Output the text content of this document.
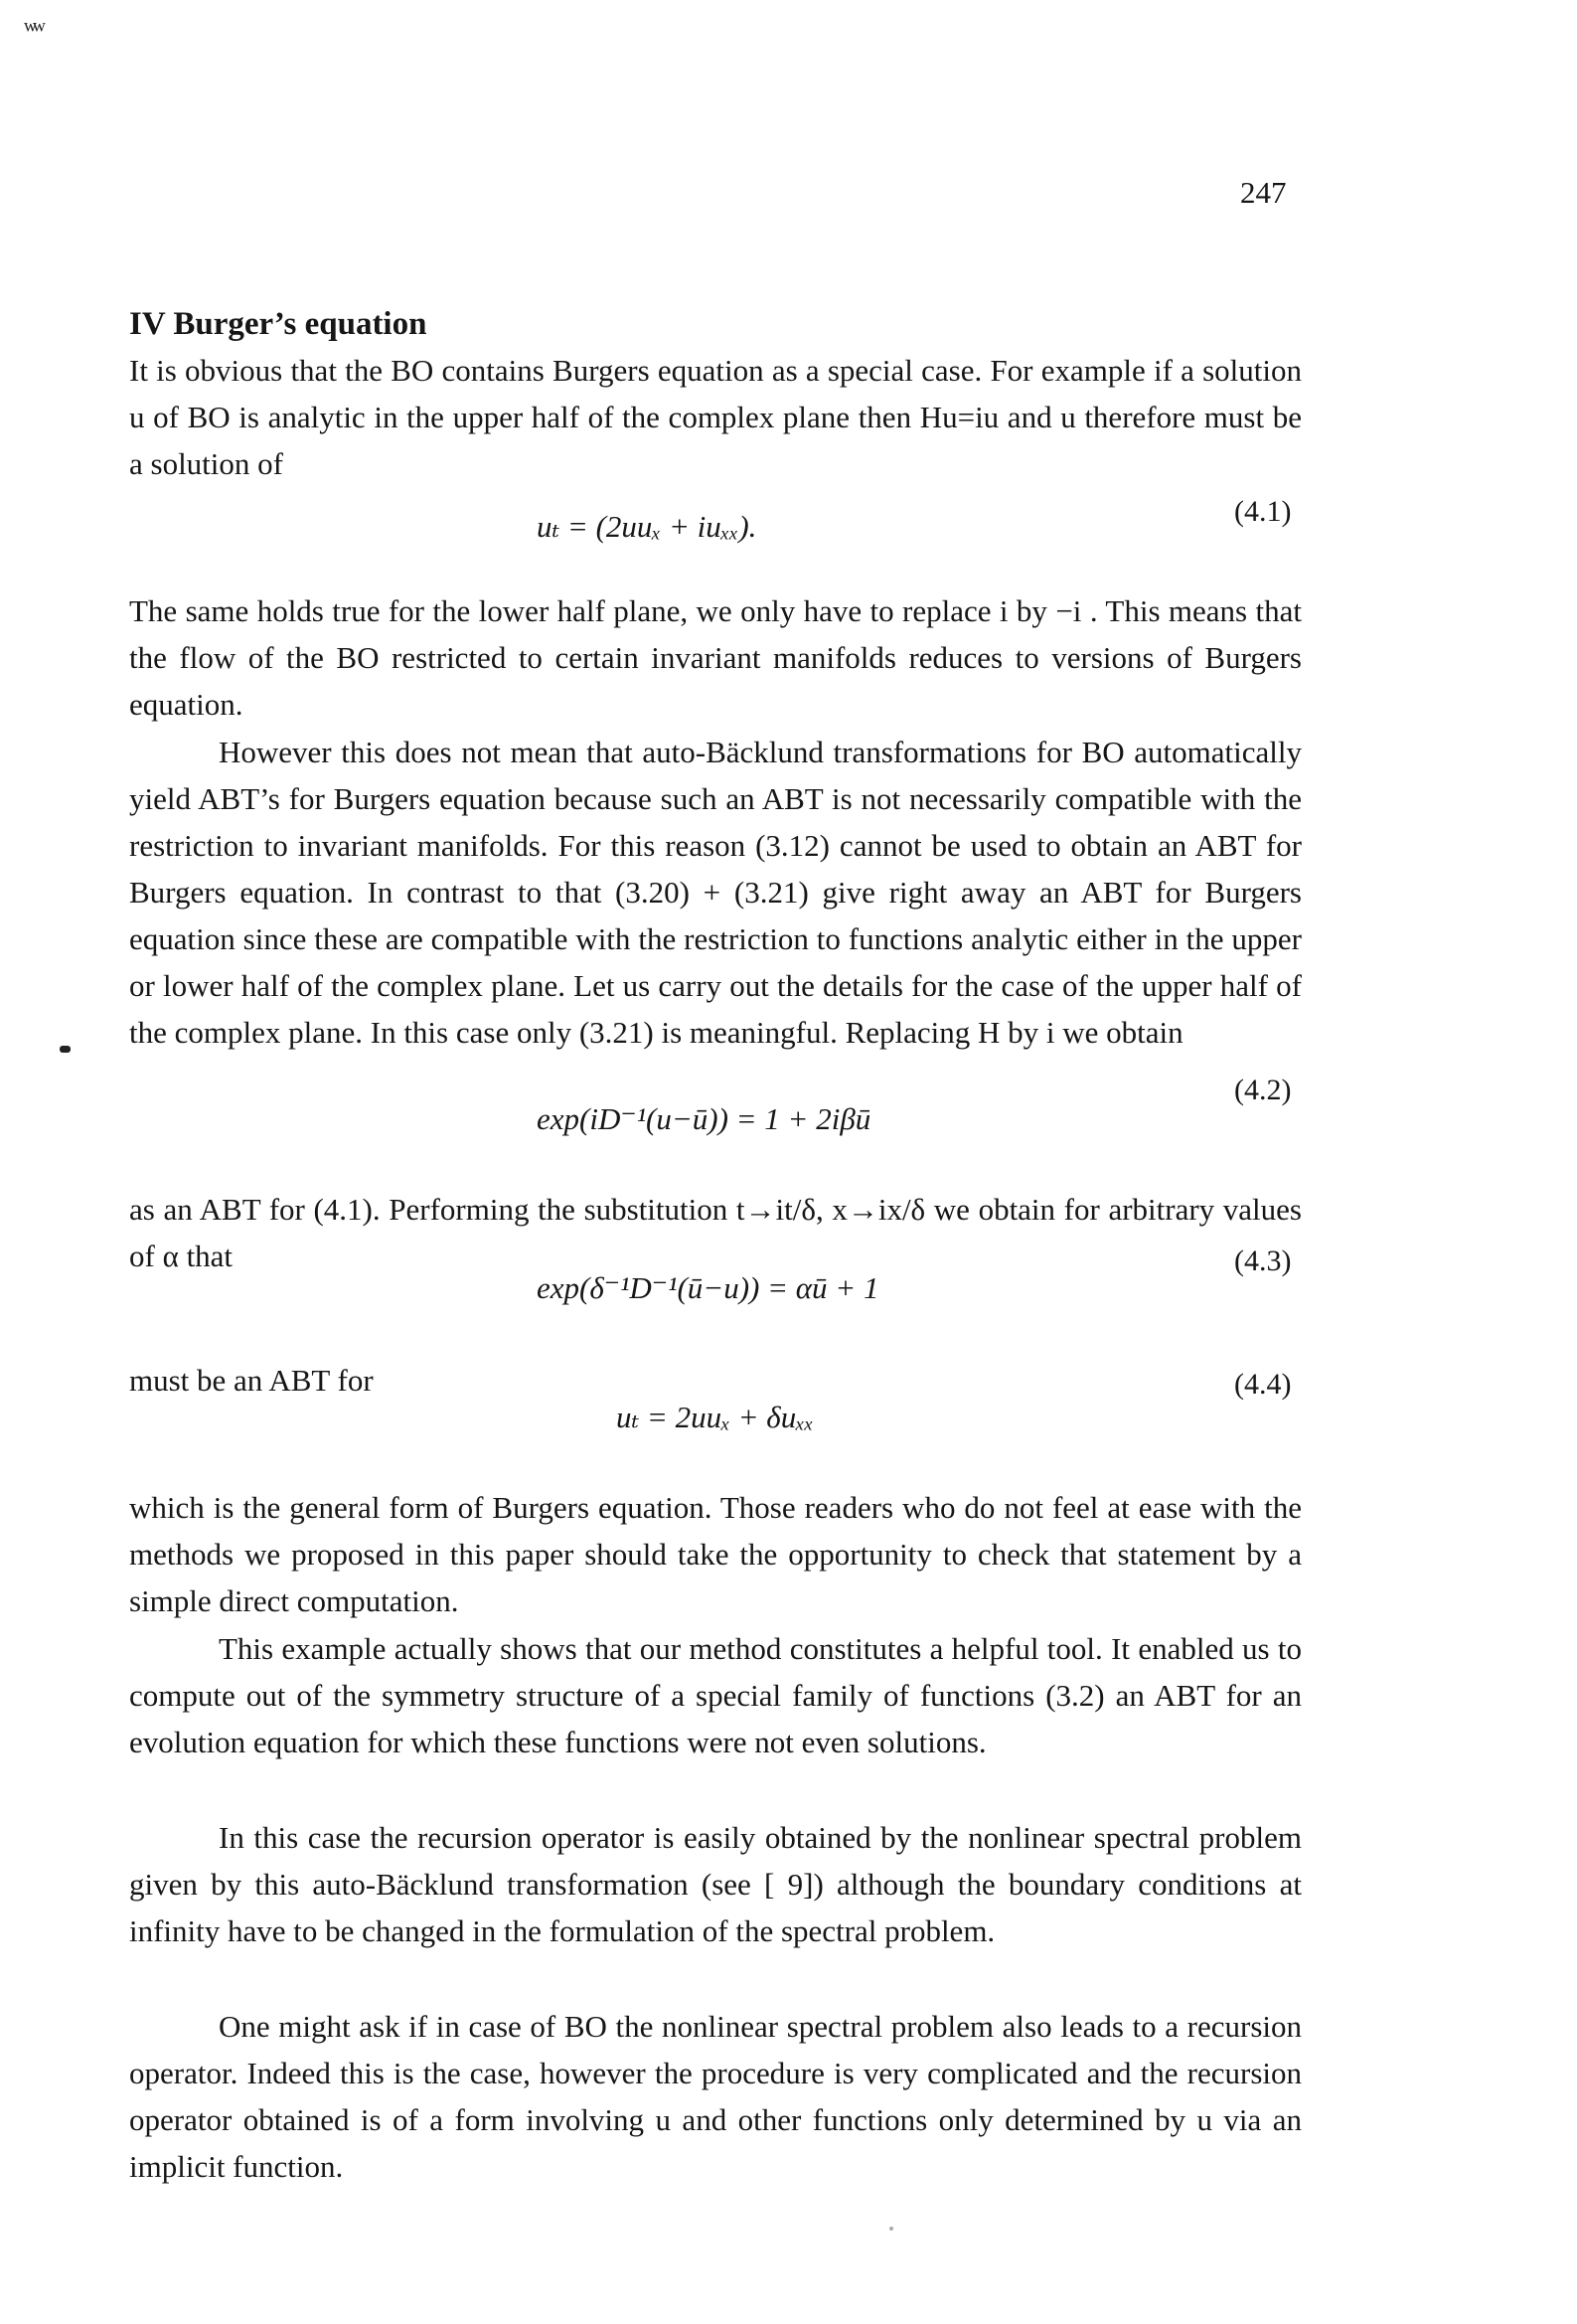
ʷʷ
247
IV Burger’s equation

It is obvious that the BO contains Burgers equation as a special case. For example if a solution u of BO is analytic in the upper half of the complex plane then Hu=iu and u therefore must be a solution of

(4.1)
uₜ = (2uuₓ + iuₓₓ).

The same holds true for the lower half plane, we only have to replace i by −i . This means that the flow of the BO restricted to certain invariant manifolds reduces to versions of Burgers equation.

However this does not mean that auto-Bäcklund transformations for BO automatically yield ABT’s for Burgers equation because such an ABT is not necessarily compatible with the restriction to invariant manifolds. For this reason (3.12) cannot be used to obtain an ABT for Burgers equation. In contrast to that (3.20) + (3.21) give right away an ABT for Burgers equation since these are compatible with the restriction to functions analytic either in the upper or lower half of the complex plane. Let us carry out the details for the case of the upper half of the complex plane. In this case only (3.21) is meaningful. Replacing H by i we obtain

(4.2)
exp(iD⁻¹(u−ū)) = 1 + 2iβū

as an ABT for (4.1). Performing the substitution t→it/δ, x→ix/δ we obtain for arbitrary values of α that	(4.3)
exp(δ⁻¹D⁻¹(ū−u)) = αū + 1

must be an ABT for	(4.4)
uₜ = 2uuₓ + δuₓₓ

which is the general form of Burgers equation. Those readers who do not feel at ease with the methods we proposed in this paper should take the opportunity to check that statement by a simple direct computation.

This example actually shows that our method constitutes a helpful tool. It enabled us to compute out of the symmetry structure of a special family of functions (3.2) an ABT for an evolution equation for which these functions were not even solutions.

In this case the recursion operator is easily obtained by the nonlinear spectral problem given by this auto-Bäcklund transformation (see [ 9]) although the boundary conditions at infinity have to be changed in the formulation of the spectral problem.

One might ask if in case of BO the nonlinear spectral problem also leads to a recursion operator. Indeed this is the case, however the procedure is very complicated and the recursion operator obtained is of a form involving u and other functions only determined by u via an implicit function.
